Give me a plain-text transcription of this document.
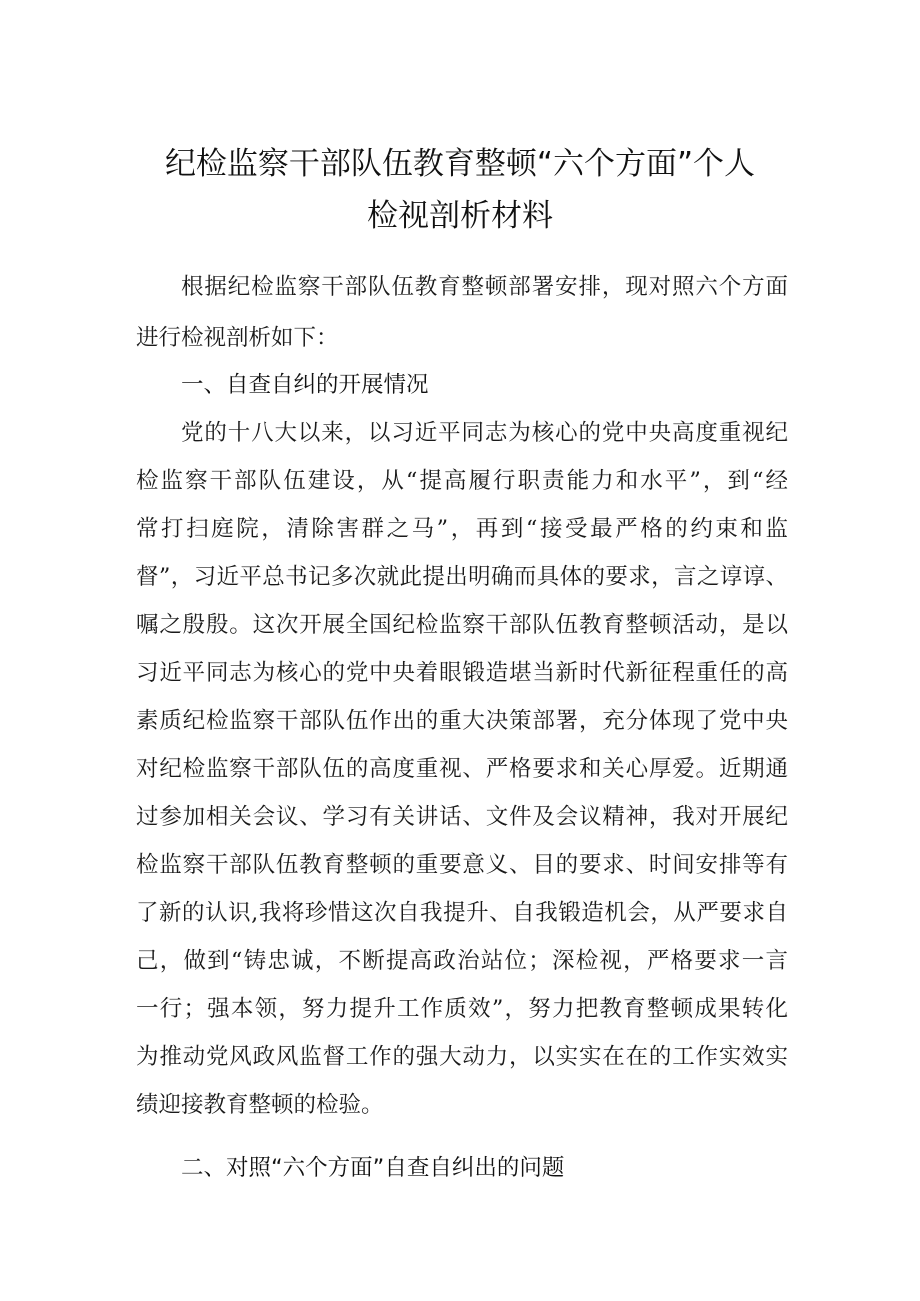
纪检监察干部队伍教育整顿“六个方面”个人
检视剖析材料
根据纪检监察干部队伍教育整顿部署安排，现对照六个方面
进行检视剖析如下：
一、自查自纠的开展情况
党的十八大以来，以习近平同志为核心的党中央高度重视纪
检监察干部队伍建设，从“提高履行职责能力和水平”，到“经
常打扫庭院，清除害群之马”，再到“接受最严格的约束和监
督”，习近平总书记多次就此提出明确而具体的要求，言之谆谆、
嘱之殷殷。这次开展全国纪检监察干部队伍教育整顿活动，是以
习近平同志为核心的党中央着眼锻造堪当新时代新征程重任的高
素质纪检监察干部队伍作出的重大决策部署，充分体现了党中央
对纪检监察干部队伍的高度重视、严格要求和关心厚爱。近期通
过参加相关会议、学习有关讲话、文件及会议精神，我对开展纪
检监察干部队伍教育整顿的重要意义、目的要求、时间安排等有
了新的认识,我将珍惜这次自我提升、自我锻造机会，从严要求自
己，做到“铸忠诚，不断提高政治站位；深检视，严格要求一言
一行；强本领，努力提升工作质效”，努力把教育整顿成果转化
为推动党风政风监督工作的强大动力，以实实在在的工作实效实
绩迎接教育整顿的检验。
二、对照“六个方面”自查自纠出的问题
